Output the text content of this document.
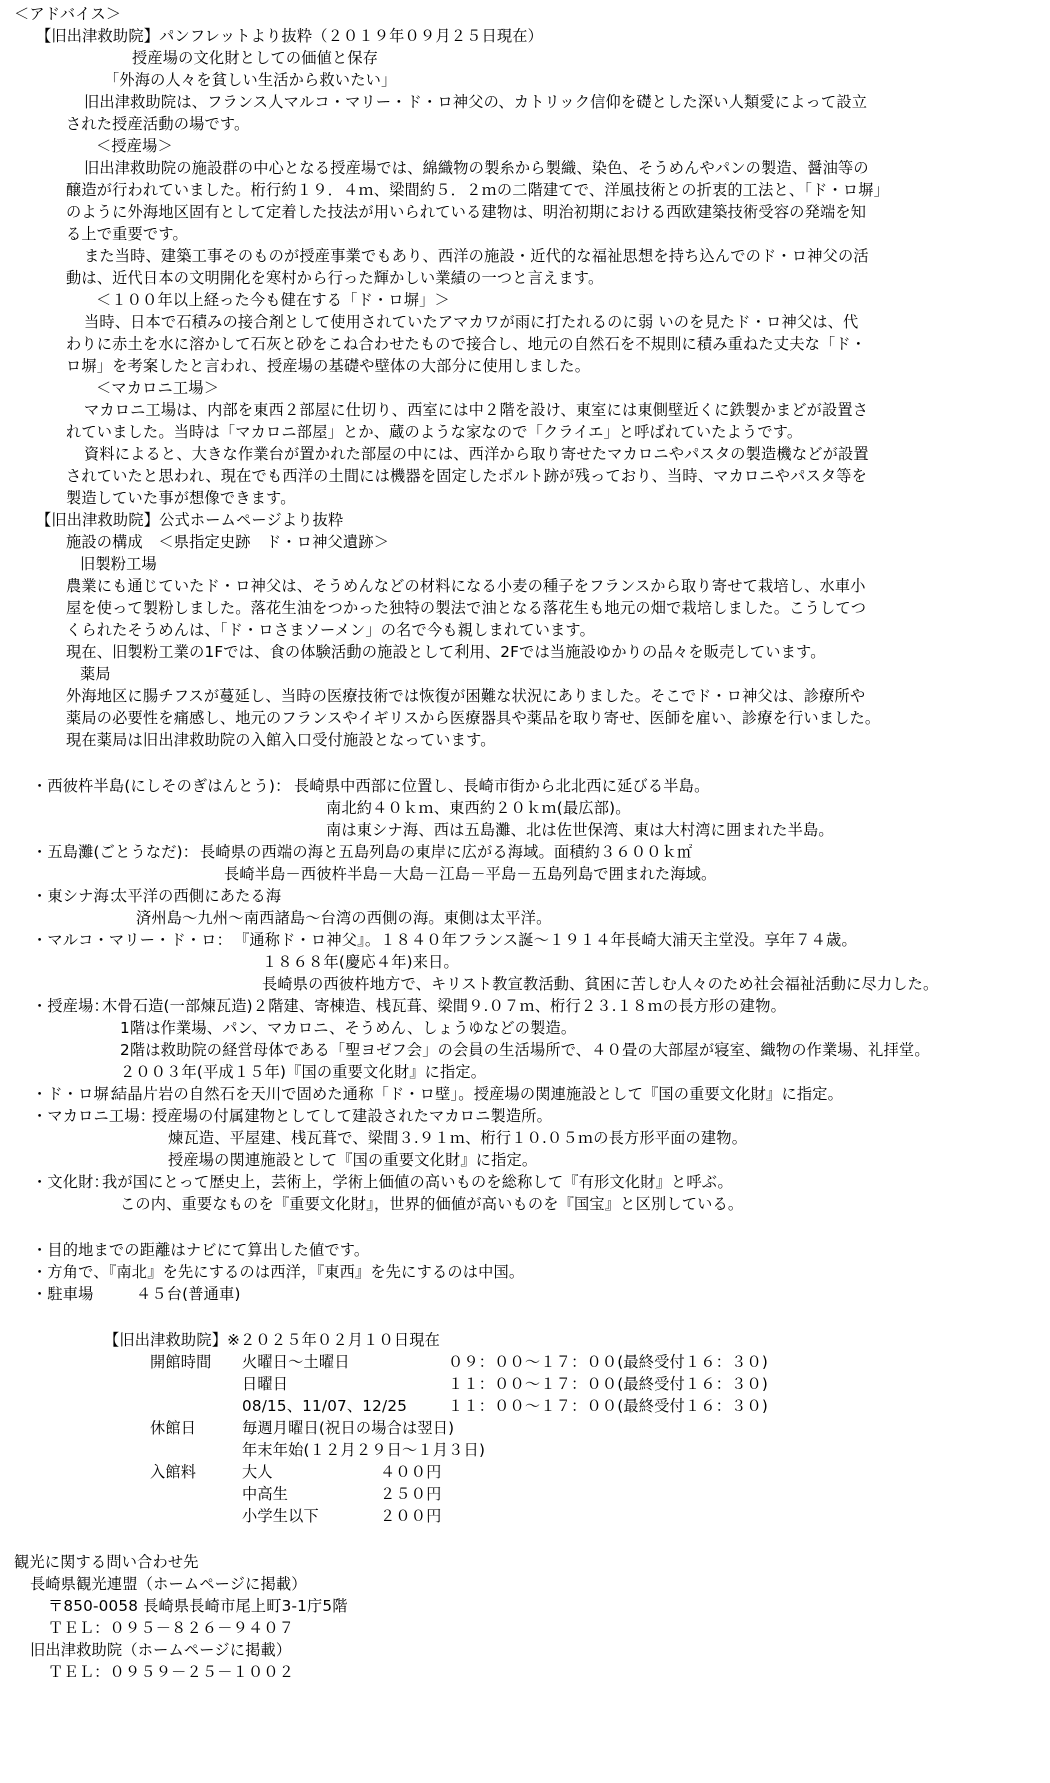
＜アドバイス＞
【旧出津救助院】パンフレットより抜粋（２０１９年０９月２５日現在）
授産場の文化財としての価値と保存
「外海の人々を貧しい生活から救いたい」
旧出津救助院は、フランス人マルコ・マリー・ド・ロ神父の、カトリック信仰を礎とした深い人類愛によって設立
された授産活動の場です。
＜授産場＞
旧出津救助院の施設群の中心となる授産場では、綿織物の製糸から製織、染色、そうめんやパンの製造、醤油等の
醸造が行われていました。桁行約１９．４ｍ、梁間約５．２ｍの二階建てで、洋風技術との折衷的工法と、「ド・ロ塀」
のように外海地区固有として定着した技法が用いられている建物は、明治初期における西欧建築技術受容の発端を知
る上で重要です。
また当時、建築工事そのものが授産事業でもあり、西洋の施設・近代的な福祉思想を持ち込んでのド・ロ神父の活
動は、近代日本の文明開化を寒村から行った輝かしい業績の一つと言えます。
＜１００年以上経った今も健在する「ド・ロ塀」＞
当時、日本で石積みの接合剤として使用されていたアマカワが雨に打たれるのに弱 いのを見たド・ロ神父は、代
わりに赤土を水に溶かして石灰と砂をこね合わせたもので接合し、地元の自然石を不規則に積み重ねた丈夫な「ド・
ロ塀」を考案したと言われ、授産場の基礎や壁体の大部分に使用しました。
＜マカロニ工場＞
マカロニ工場は、内部を東西２部屋に仕切り、西室には中２階を設け、東室には東側壁近くに鉄製かまどが設置さ
れていました。当時は「マカロニ部屋」とか、蔵のような家なので「クライエ」と呼ばれていたようです。
資料によると、大きな作業台が置かれた部屋の中には、西洋から取り寄せたマカロニやパスタの製造機などが設置
されていたと思われ、現在でも西洋の土間には機器を固定したボルト跡が残っており、当時、マカロニやパスタ等を
製造していた事が想像できます。
【旧出津救助院】公式ホームページより抜粋
施設の構成　＜県指定史跡　ド・ロ神父遺跡＞
旧製粉工場
農業にも通じていたド・ロ神父は、そうめんなどの材料になる小麦の種子をフランスから取り寄せて栽培し、水車小
屋を使って製粉しました。落花生油をつかった独特の製法で油となる落花生も地元の畑で栽培しました。こうしてつ
くられたそうめんは、「ド・ロさまソーメン」の名で今も親しまれています。
現在、旧製粉工業の1Fでは、食の体験活動の施設として利用、2Fでは当施設ゆかりの品々を販売しています。
薬局
外海地区に腸チフスが蔓延し、当時の医療技術では恢復が困難な状況にありました。そこでド・ロ神父は、診療所や
薬局の必要性を痛感し、地元のフランスやイギリスから医療器具や薬品を取り寄せ、医師を雇い、診療を行いました。
現在薬局は旧出津救助院の入館入口受付施設となっています。
・西彼杵半島(にしそのぎはんとう)： 長崎県中西部に位置し、長崎市街から北北西に延びる半島。
南北約４０ｋｍ、東西約２０ｋｍ(最広部)。
南は東シナ海、西は五島灘、北は佐世保湾、東は大村湾に囲まれた半島。
・五島灘(ごとうなだ)： 長崎県の西端の海と五島列島の東岸に広がる海域。面積約３６００ｋ㎡
長崎半島－西彼杵半島－大島－江島－平島－五島列島で囲まれた海域。
・東シナ海：
太平洋の西側にあたる海
済州島～九州～南西諸島～台湾の西側の海。東側は太平洋。
・マルコ・マリー・ド・ロ： 『通称ド・ロ神父』。１８４０年フランス誕～１９１４年長崎大浦天主堂没。享年７４歳。
１８６８年(慶応４年)来日。
長崎県の西彼杵地方で、キリスト教宣教活動、貧困に苦しむ人々のため社会福祉活動に尽力した。
・授産場：
木骨石造(一部煉瓦造)２階建、寄棟造、桟瓦葺、梁間９.０７ｍ、桁行２３.１８ｍの長方形の建物。
1階は作業場、パン、マカロニ、そうめん、しょうゆなどの製造。
2階は救助院の経営母体である「聖ヨゼフ会」の会員の生活場所で、４０畳の大部屋が寝室、織物の作業場、礼拝堂。
２００３年(平成１５年)『国の重要文化財』に指定。
・ド・ロ塀：
結晶片岩の自然石を天川で固めた通称「ド・ロ壁」。授産場の関連施設として『国の重要文化財』に指定。
・マカロニ工場：
授産場の付属建物としてして建設されたマカロニ製造所。
煉瓦造、平屋建、桟瓦葺で、梁間３.９１ｍ、桁行１０.０５ｍの長方形平面の建物。
授産場の関連施設として『国の重要文化財』に指定。
・文化財：
我が国にとって歴史上，芸術上，学術上価値の高いものを総称して『有形文化財』と呼ぶ。
この内、重要なものを『重要文化財』，世界的価値が高いものを『国宝』と区別している。
・目的地までの距離はナビにて算出した値です。
・方角で、『南北』を先にするのは西洋，『東西』を先にするのは中国。
・駐車場	４５台(普通車)
【旧出津救助院】※２０２５年０２月１０日現在
開館時間 火曜日～土曜日	０９：００～１７：００(最終受付１６：３０)
日曜日	１１：００～１７：００(最終受付１６：３０)
08/15、11/07、12/25	１１：００～１７：００(最終受付１６：３０)
休館日	毎週月曜日(祝日の場合は翌日)
年末年始(１２月２９日～１月３日)
入館料	大人	４００円
中高生	２５０円
小学生以下	２００円
観光に関する問い合わせ先
長崎県観光連盟（ホームページに掲載）
〒850-0058 長崎県長崎市尾上町3-1庁5階
ＴＥＬ：０９５－８２６－９４０７
旧出津救助院（ホームページに掲載）
ＴＥＬ：０９５９－２５－１００２
